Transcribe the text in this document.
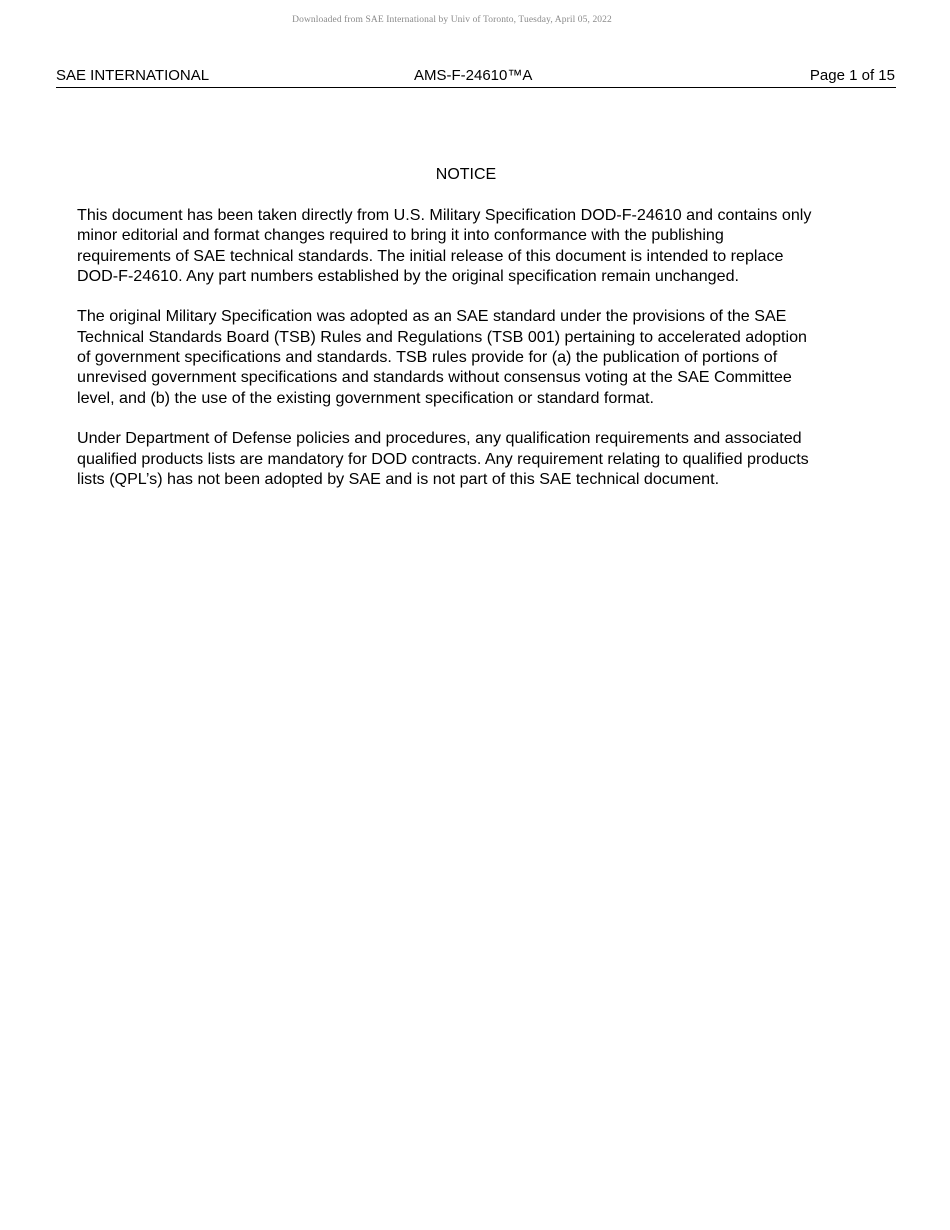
Downloaded from SAE International by Univ of Toronto, Tuesday, April 05, 2022
SAE INTERNATIONAL	AMS-F-24610™A	Page 1 of 15
NOTICE

This document has been taken directly from U.S. Military Specification DOD-F-24610 and contains only
minor editorial and format changes required to bring it into conformance with the publishing
requirements of SAE technical standards. The initial release of this document is intended to replace
DOD-F-24610. Any part numbers established by the original specification remain unchanged.

The original Military Specification was adopted as an SAE standard under the provisions of the SAE
Technical Standards Board (TSB) Rules and Regulations (TSB 001) pertaining to accelerated adoption
of government specifications and standards. TSB rules provide for (a) the publication of portions of
unrevised government specifications and standards without consensus voting at the SAE Committee
level, and (b) the use of the existing government specification or standard format.

Under Department of Defense policies and procedures, any qualification requirements and associated
qualified products lists are mandatory for DOD contracts. Any requirement relating to qualified products
lists (QPL’s) has not been adopted by SAE and is not part of this SAE technical document.
